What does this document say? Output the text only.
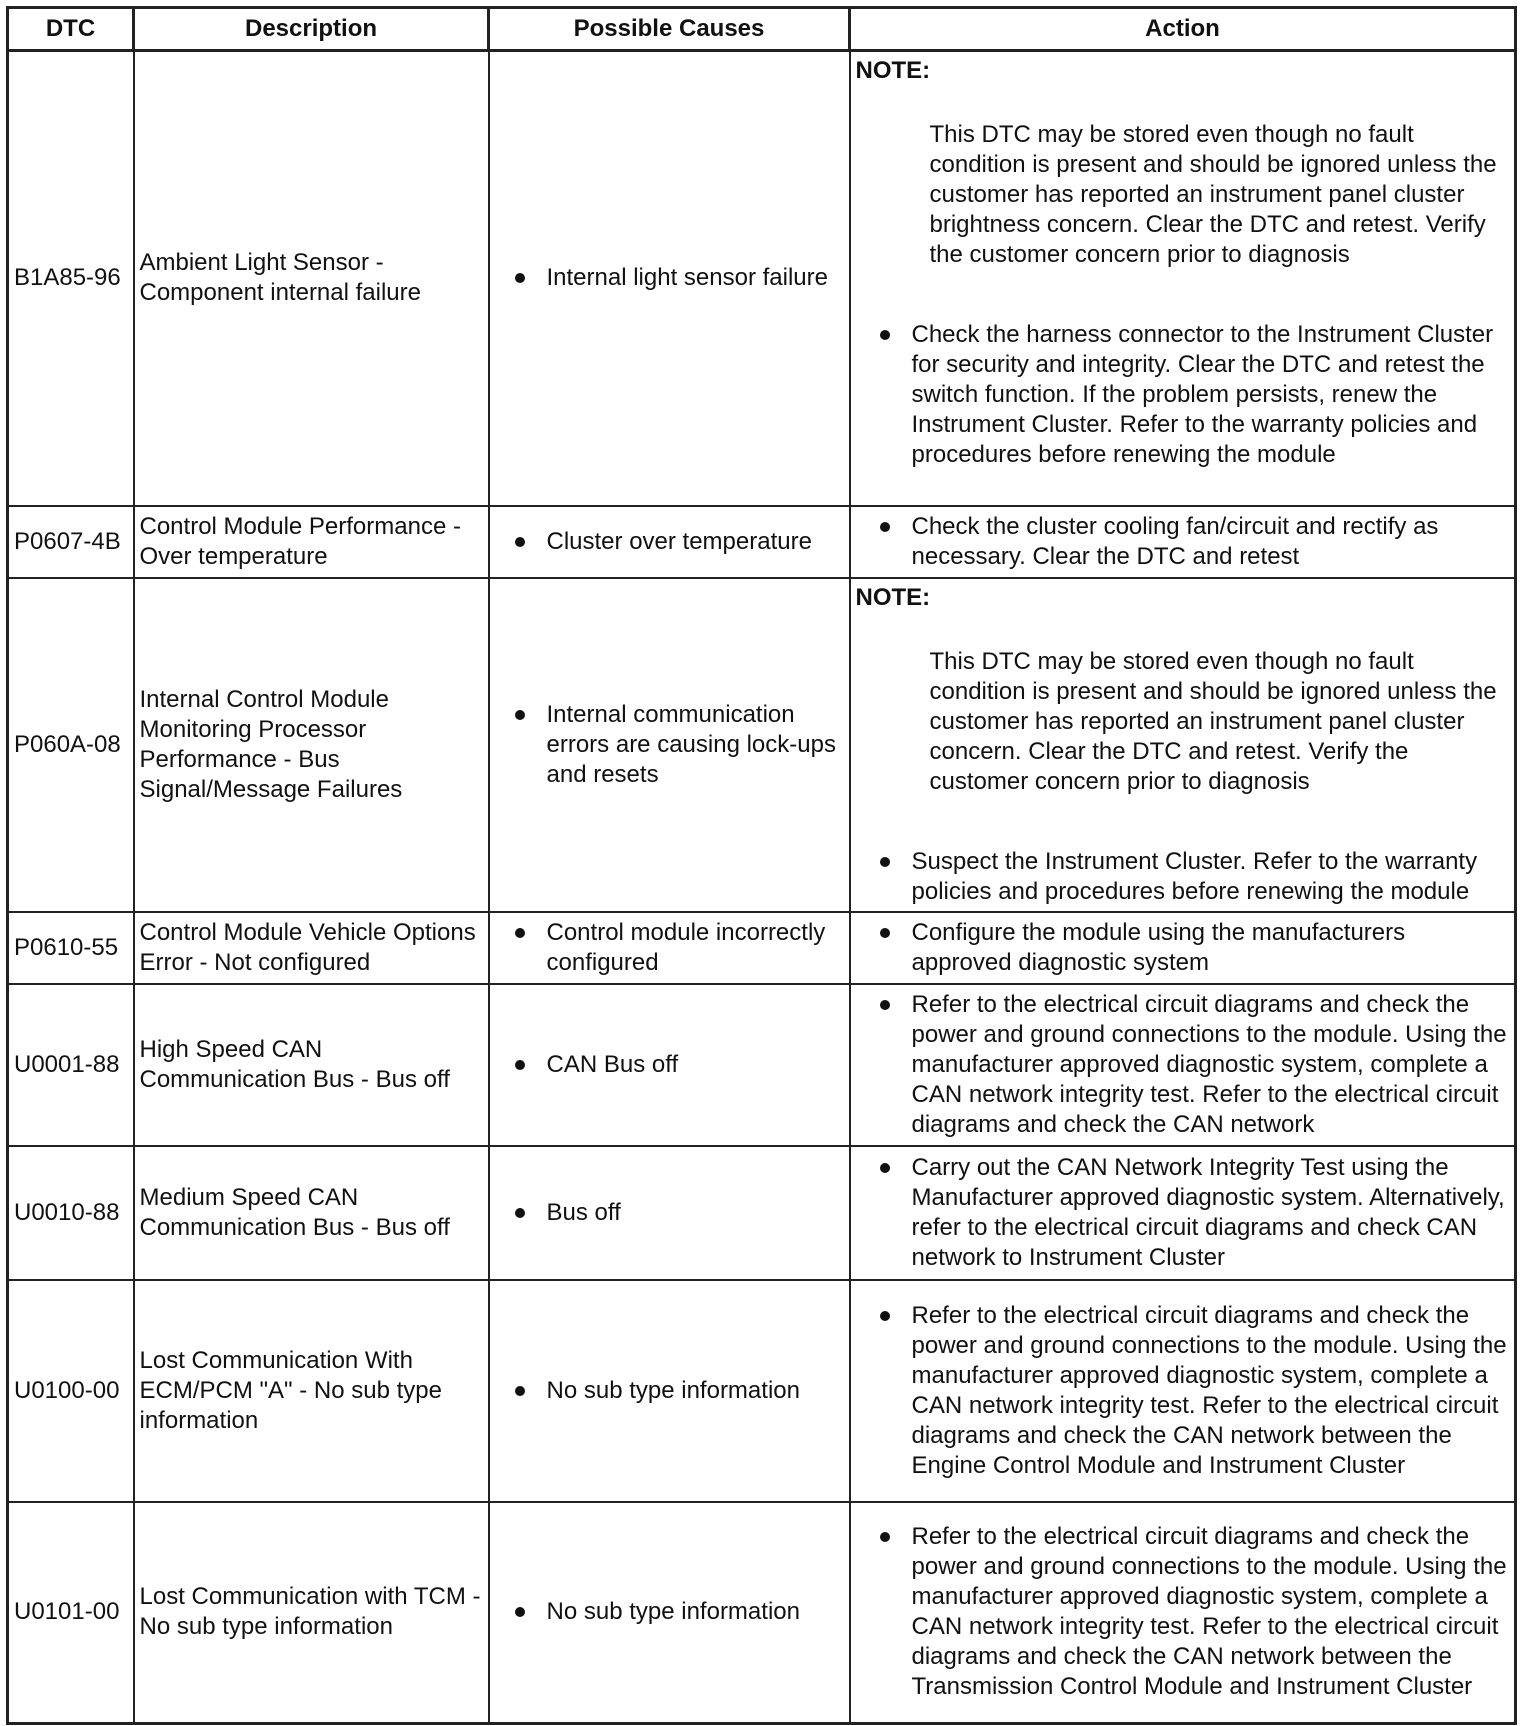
DTC	Description	Possible Causes	Action
B1A85-96	Ambient Light Sensor - Component internal failure	Internal light sensor failure	NOTE:
This DTC may be stored even though no fault condition is present and should be ignored unless the customer has reported an instrument panel cluster brightness concern. Clear the DTC and retest. Verify the customer concern prior to diagnosis
Check the harness connector to the Instrument Cluster for security and integrity. Clear the DTC and retest the switch function. If the problem persists, renew the Instrument Cluster. Refer to the warranty policies and procedures before renewing the module

P0607-4B	Control Module Performance - Over temperature	Cluster over temperature	Check the cluster cooling fan/circuit and rectify as necessary. Clear the DTC and retest

P060A-08	Internal Control Module Monitoring Processor Performance - Bus Signal/Message Failures	Internal communication errors are causing lock-ups and resets	NOTE:
This DTC may be stored even though no fault condition is present and should be ignored unless the customer has reported an instrument panel cluster concern. Clear the DTC and retest. Verify the customer concern prior to diagnosis
Suspect the Instrument Cluster. Refer to the warranty policies and procedures before renewing the module

P0610-55	Control Module Vehicle Options Error - Not configured	Control module incorrectly configured	Configure the module using the manufacturers approved diagnostic system

U0001-88	High Speed CAN Communication Bus - Bus off	CAN Bus off	Refer to the electrical circuit diagrams and check the power and ground connections to the module. Using the manufacturer approved diagnostic system, complete a CAN network integrity test. Refer to the electrical circuit diagrams and check the CAN network

U0010-88	Medium Speed CAN Communication Bus - Bus off	Bus off	Carry out the CAN Network Integrity Test using the Manufacturer approved diagnostic system. Alternatively, refer to the electrical circuit diagrams and check CAN network to Instrument Cluster

U0100-00	Lost Communication With ECM/PCM "A" - No sub type information	No sub type information	Refer to the electrical circuit diagrams and check the power and ground connections to the module. Using the manufacturer approved diagnostic system, complete a CAN network integrity test. Refer to the electrical circuit diagrams and check the CAN network between the Engine Control Module and Instrument Cluster

U0101-00	Lost Communication with TCM - No sub type information	No sub type information	Refer to the electrical circuit diagrams and check the power and ground connections to the module. Using the manufacturer approved diagnostic system, complete a CAN network integrity test. Refer to the electrical circuit diagrams and check the CAN network between the Transmission Control Module and Instrument Cluster
